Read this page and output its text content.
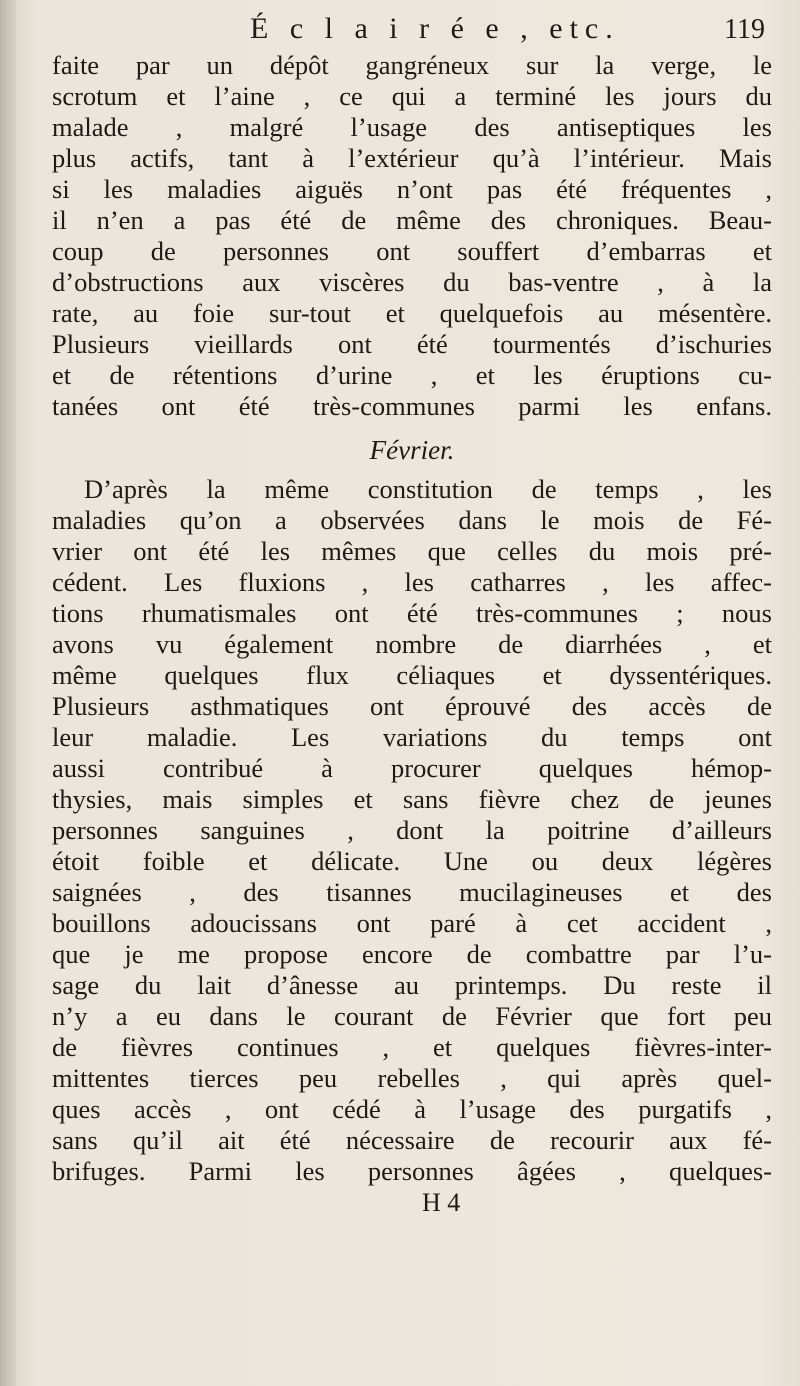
É c l a i r é e , etc.	119
faite par un dépôt gangréneux sur la verge, le
scrotum et l’aine , ce qui a terminé les jours du
malade , malgré l’usage des antiseptiques les
plus actifs, tant à l’extérieur qu’à l’intérieur. Mais
si les maladies aiguës n’ont pas été fréquentes ,
il n’en a pas été de même des chroniques. Beau-
coup de personnes ont souffert d’embarras et
d’obstructions aux viscères du bas-ventre , à la
rate, au foie sur-tout et quelquefois au mésentère.
Plusieurs vieillards ont été tourmentés d’ischuries
et de rétentions d’urine , et les éruptions cu-
tanées ont été très-communes parmi les enfans.
Février.
D’après la même constitution de temps , les
maladies qu’on a observées dans le mois de Fé-
vrier ont été les mêmes que celles du mois pré-
cédent. Les fluxions , les catharres , les affec-
tions rhumatismales ont été très-communes ; nous
avons vu également nombre de diarrhées , et
même quelques flux céliaques et dyssentériques.
Plusieurs asthmatiques ont éprouvé des accès de
leur maladie. Les variations du temps ont
aussi contribué à procurer quelques hémop-
thysies, mais simples et sans fièvre chez de jeunes
personnes sanguines , dont la poitrine d’ailleurs
étoit foible et délicate. Une ou deux légères
saignées , des tisannes mucilagineuses et des
bouillons adoucissans ont paré à cet accident ,
que je me propose encore de combattre par l’u-
sage du lait d’ânesse au printemps. Du reste il
n’y a eu dans le courant de Février que fort peu
de fièvres continues , et quelques fièvres-inter-
mittentes tierces peu rebelles , qui après quel-
ques accès , ont cédé à l’usage des purgatifs ,
sans qu’il ait été nécessaire de recourir aux fé-
brifuges. Parmi les personnes âgées , quelques-
H 4
